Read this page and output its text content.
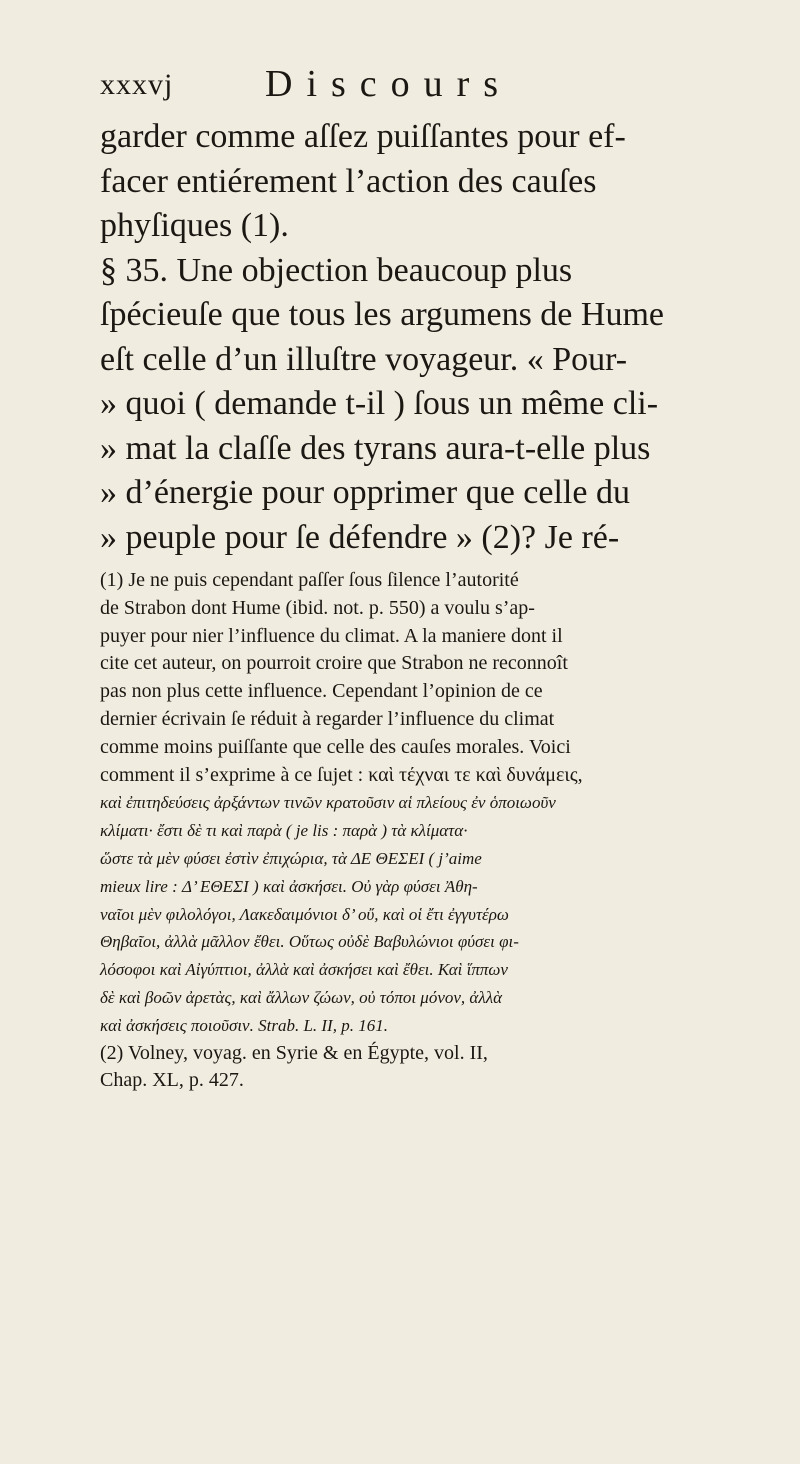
xxxvj Discours
garder comme aſſez puiſſantes pour ef-
facer entiérement l’action des cauſes
phyſiques (1).
§ 35. Une objection beaucoup plus
ſpécieuſe que tous les argumens de Hume
eſt celle d’un illuſtre voyageur. « Pour-
» quoi ( demande t-il ) ſous un même cli-
» mat la claſſe des tyrans aura-t-elle plus
» d’énergie pour opprimer que celle du
» peuple pour ſe défendre » (2)? Je ré-
(1) Je ne puis cependant paſſer ſous ſilence l’autorité
de Strabon dont Hume (ibid. not. p. 550) a voulu s’ap-
puyer pour nier l’influence du climat. A la maniere dont il
cite cet auteur, on pourroit croire que Strabon ne reconnoît
pas non plus cette influence. Cependant l’opinion de ce
dernier écrivain ſe réduit à regarder l’influence du climat
comme moins puiſſante que celle des cauſes morales. Voici
comment il s’exprime à ce ſujet : καὶ τέχναι τε καὶ δυνάμεις,
καὶ ἐπιτηδεύσεις ἀρξάντων τινῶν κρατοῦσιν αἱ πλείους ἐν ὁποιωοῦν
κλίματι· ἔστι δὲ τι καὶ παρὰ ( je lis : παρὰ ) τὰ κλίματα·
ὥστε τὰ μὲν φύσει ἐστὶν ἐπιχώρια, τὰ ΔΕ ΘΕΣΕΙ ( j’aime
mieux lire : Δ’ ΕΘΕΣΙ ) καὶ ἀσκήσει. Οὐ γὰρ φύσει Ἀθη-
ναῖοι μὲν φιλολόγοι, Λακεδαιμόνιοι δ’ οὔ, καὶ οἱ ἔτι ἐγγυτέρω
Θηβαῖοι, ἀλλὰ μᾶλλον ἔθει. Οὕτως οὐδὲ Βαβυλώνιοι φύσει φι-
λόσοφοι καὶ Αἰγύπτιοι, ἀλλὰ καὶ ἀσκήσει καὶ ἔθει. Καὶ ἵππων
δὲ καὶ βοῶν ἀρετὰς, καὶ ἄλλων ζώων, οὐ τόποι μόνον, ἀλλὰ
καὶ ἀσκήσεις ποιοῦσιν. Strab. L. II, p. 161.
(2) Volney, voyag. en Syrie & en Égypte, vol. II,
Chap. XL, p. 427.
